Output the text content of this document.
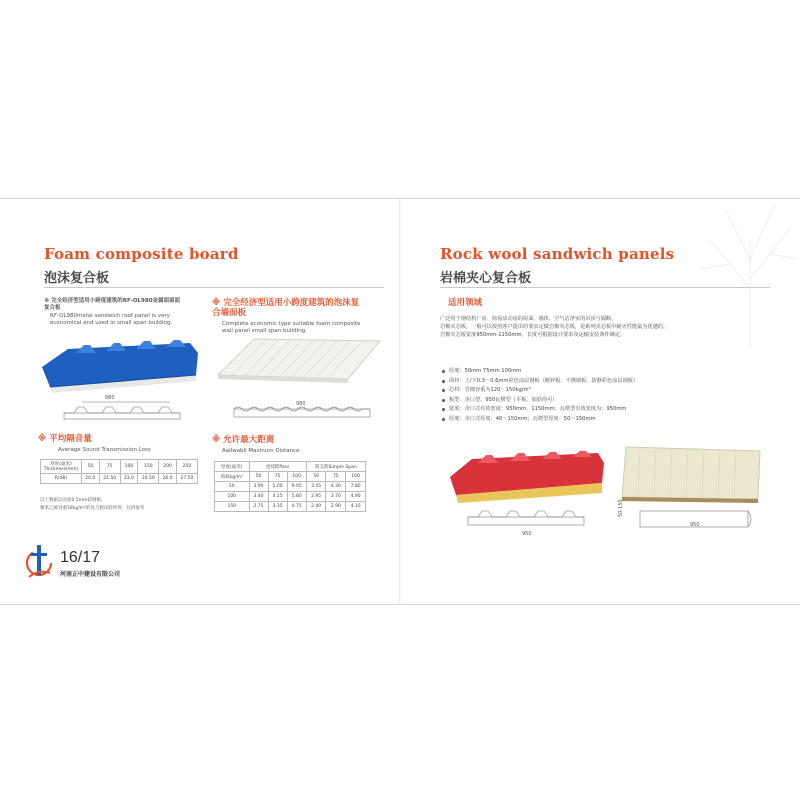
Foam composite board
泡沫复合板
※ 完全经济型适用小跨度建筑的RF-OL980金属面屋面复合板
RF-OL980metal sandwich roof panel is very economical and used in small span building.
※ 完全经济型适用小跨度建筑的泡沫复合墙面板
Complete economic type suitable foam composite wall panel small span building.
980
980
※ 平均隔音量
Average Sound Transmission Loss
厚度(毫米) Thickness(mm)	50	75	100	150	200	250
R(dB)	20.0	21.50	23.0	24.50	26.0	27.50
以上数据以双面0.5mm彩钢板,
聚苯乙烯容重18kg/m³的复合板试验所得，仅供参考
※ 允许最大距离
Aallwabil Maxinum Distance
厚度(毫米)	连续跨Pass			简支跨Simple Span		
荷载kg/m²	50	75	100	50	75	100
50	3.90	5.00	9.05	3.45	4.30	7.80
100	3.40	4.15	5.80	2.95	3.70	4.90
150	2.75	3.35	4.75	2.40	2.90	4.10
16/17
河南正中建设有限公司
Rock wool sandwich panels
岩棉夹心复合板
适用领域
广泛用于钢结构厂房、简易活动房的屋面、墙体、空气洁净室的吊顶与隔断。
岩棉夹芯板，一般可以按照客户提出的要求定做岩棉夹芯板，是系列夹芯板中耐火性能最为优越的。
岩棉夹芯板宽度950mm-1150mm，长度可根据设计要求及运输安装条件确定。
厚度：50mm 75mm 100mm
面材：上/下0.3～0.6mm彩色涂层钢板（镀锌板、不锈钢板、防静彩色涂层钢板）
芯材：岩棉容重为120～150kg/m³
板型：企口型、950瓦楞型（平板、加筋均可）
宽度：企口式有效宽度：950mm、1150mm；瓦楞型有效宽度为：950mm
厚度：企口式厚度：40～150mm；瓦楞型厚度：50～150mm
950
950
50-150
